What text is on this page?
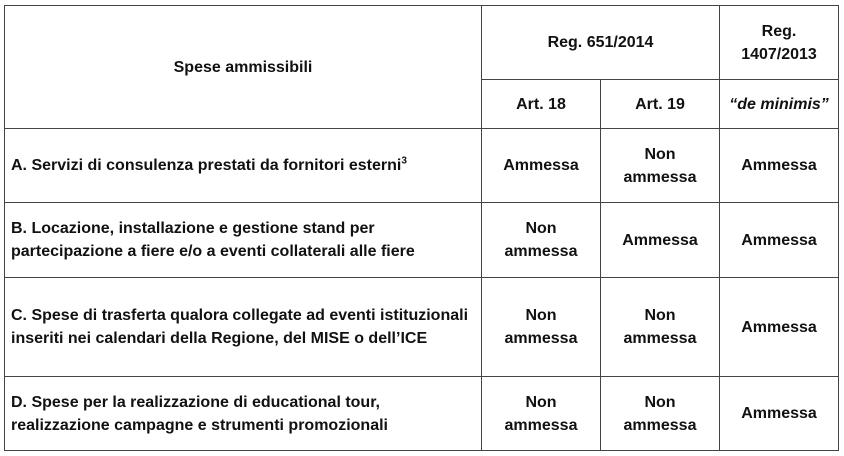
Spese ammissibili	Reg. 651/2014		Reg. 1407/2013
	Art. 18	Art. 19	“de minimis”
A. Servizi di consulenza prestati da fornitori esterni$^3$	Ammessa	Non ammessa	Ammessa
B. Locazione, installazione e gestione stand per partecipazione a fiere e/o a eventi collaterali alle fiere	Non ammessa	Ammessa	Ammessa
C. Spese di trasferta qualora collegate ad eventi istituzionali inseriti nei calendari della Regione, del MISE o dell’ICE	Non ammessa	Non ammessa	Ammessa
D. Spese per la realizzazione di educational tour, realizzazione campagne e strumenti promozionali	Non ammessa	Non ammessa	Ammessa
